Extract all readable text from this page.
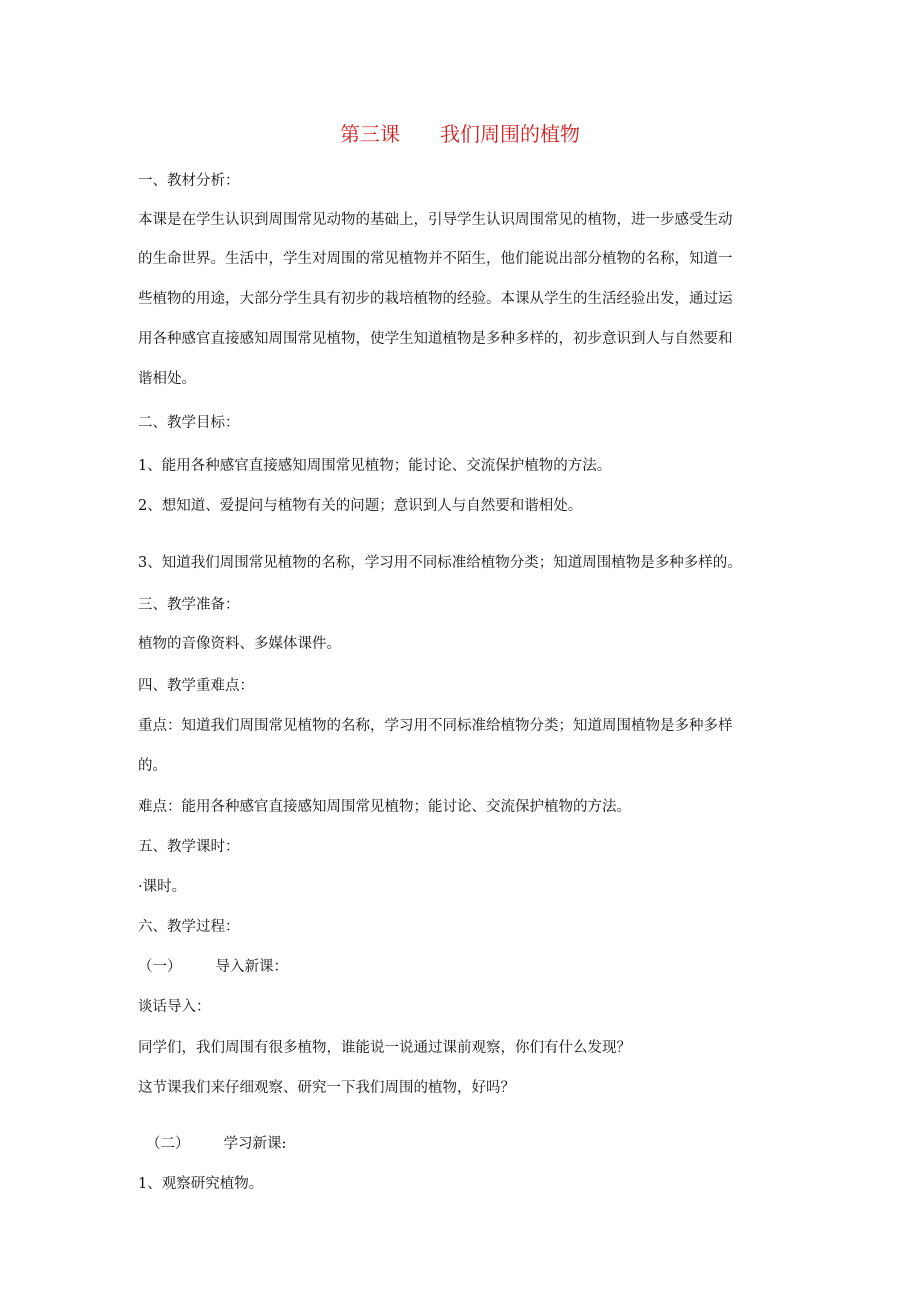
第三课 我们周围的植物
一、教材分析：
本课是在学生认识到周围常见动物的基础上，引导学生认识周围常见的植物，进一步感受生动
的生命世界。生活中，学生对周围的常见植物并不陌生，他们能说出部分植物的名称，知道一
些植物的用途，大部分学生具有初步的栽培植物的经验。本课从学生的生活经验出发，通过运
用各种感官直接感知周围常见植物，使学生知道植物是多种多样的，初步意识到人与自然要和
谐相处。
二、教学目标：
1、能用各种感官直接感知周围常见植物；能讨论、交流保护植物的方法。
2、想知道、爱提问与植物有关的问题；意识到人与自然要和谐相处。
3、知道我们周围常见植物的名称，学习用不同标准给植物分类；知道周围植物是多种多样的。
三、教学准备：
植物的音像资料、多媒体课件。
四、教学重难点：
重点：知道我们周围常见植物的名称，学习用不同标准给植物分类；知道周围植物是多种多样
的。
难点：能用各种感官直接感知周围常见植物；能讨论、交流保护植物的方法。
五、教学课时：
·课时。
六、教学过程：
（一） 导入新课：
谈话导入：
同学们，我们周围有很多植物，谁能说一说通过课前观察，你们有什么发现？
这节课我们来仔细观察、研究一下我们周围的植物，好吗？
（二） 学习新课:
1、观察研究植物。
